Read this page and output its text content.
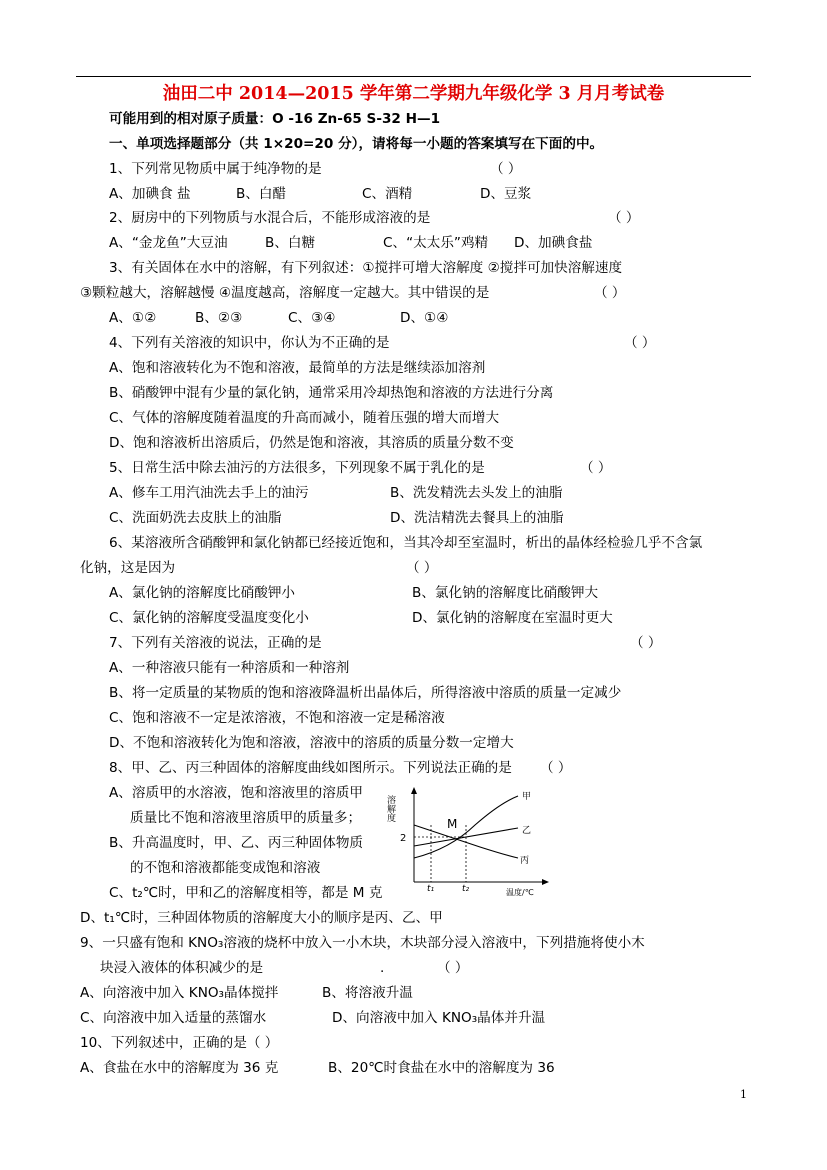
油田二中 2014—2015 学年第二学期九年级化学 3 月月考试卷
可能用到的相对原子质量：O -16 Zn-65 S-32 H—1
一、单项选择题部分（共 1×20=20 分），请将每一小题的答案填写在下面的中。
1、下列常见物质中属于纯净物的是	（ ）
A、加碘食 盐	B、白醋	C、酒精	D、豆浆
2、厨房中的下列物质与水混合后，不能形成溶液的是	（ ）
A、“金龙鱼”大豆油	B、白糖	C、“太太乐”鸡精 D、加碘食盐
3、有关固体在水中的溶解，有下列叙述：①搅拌可增大溶解度 ②搅拌可加快溶解速度
③颗粒越大，溶解越慢 ④温度越高，溶解度一定越大。其中错误的是	（ ）
A、①②	B、②③	C、③④	D、①④
4、下列有关溶液的知识中，你认为不正确的是	（ ）
A、饱和溶液转化为不饱和溶液，最简单的方法是继续添加溶剂
B、硝酸钾中混有少量的氯化钠，通常采用冷却热饱和溶液的方法进行分离
C、气体的溶解度随着温度的升高而减小，随着压强的增大而增大
D、饱和溶液析出溶质后，仍然是饱和溶液，其溶质的质量分数不变
5、日常生活中除去油污的方法很多，下列现象不属于乳化的是	（ ）
A、修车工用汽油洗去手上的油污	B、洗发精洗去头发上的油脂
C、洗面奶洗去皮肤上的油脂	D、洗洁精洗去餐具上的油脂
6、某溶液所含硝酸钾和氯化钠都已经接近饱和，当其冷却至室温时，析出的晶体经检验几乎不含氯
化钠，这是因为	（ ）
A、氯化钠的溶解度比硝酸钾小	B、氯化钠的溶解度比硝酸钾大
C、氯化钠的溶解度受温度变化小	D、氯化钠的溶解度在室温时更大
7、下列有关溶液的说法，正确的是	（ ）
A、一种溶液只能有一种溶质和一种溶剂
B、将一定质量的某物质的饱和溶液降温析出晶体后，所得溶液中溶质的质量一定减少
C、饱和溶液不一定是浓溶液，不饱和溶液一定是稀溶液
D、不饱和溶液转化为饱和溶液，溶液中的溶质的质量分数一定增大
8、甲、乙、丙三种固体的溶解度曲线如图所示。下列说法正确的是 （ ）
A、溶质甲的水溶液，饱和溶液里的溶质甲
质量比不饱和溶液里溶质甲的质量多；
B、升高温度时，甲、乙、丙三种固体物质
的不饱和溶液都能变成饱和溶液
C、t₂℃时，甲和乙的溶解度相等，都是 M 克
D、t₁℃时，三种固体物质的溶解度大小的顺序是丙、乙、甲
溶解度
M
甲
乙
丙
2
t₁	t₂	温度/℃
9、一只盛有饱和 KNO₃溶液的烧杯中放入一小木块，木块部分浸入溶液中，下列措施将使小木
块浸入液体的体积减少的是	.	（ ）
A、向溶液中加入 KNO₃晶体搅拌	B、将溶液升温
C、向溶液中加入适量的蒸馏水	D、向溶液中加入 KNO₃晶体并升温
10、下列叙述中，正确的是（ ）
A、食盐在水中的溶解度为 36 克	B、20℃时食盐在水中的溶解度为 36
1
